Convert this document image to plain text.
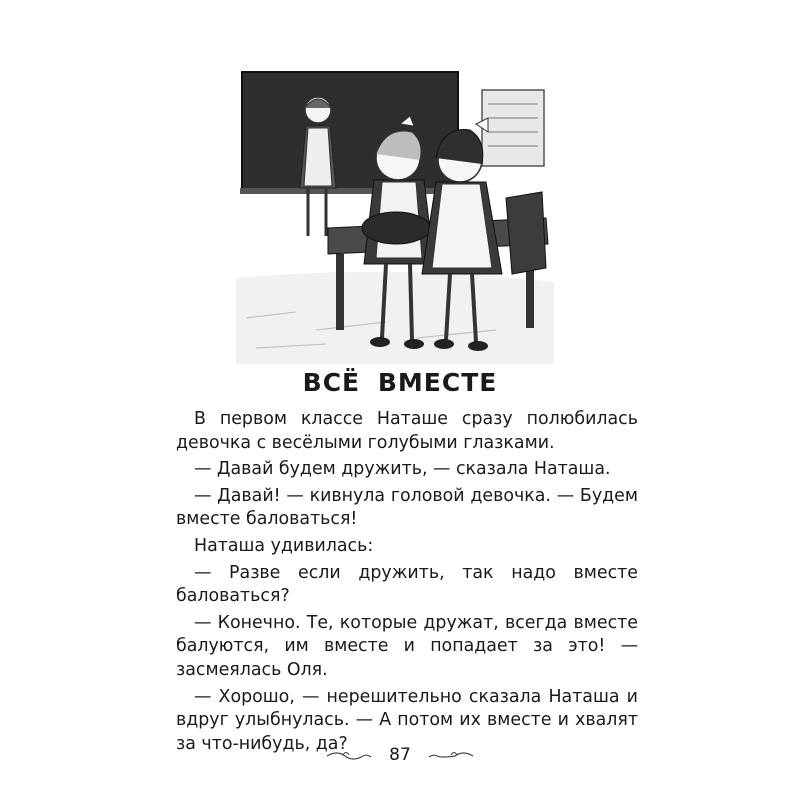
ВСЁ ВМЕСТЕ

В первом классе Наташе сразу полюбилась девочка с весёлыми голубыми глазками.

— Давай будем дружить, — сказала Наташа.

— Давай! — кивнула головой девочка. — Будем вместе баловаться!

Наташа удивилась:

— Разве если дружить, так надо вместе баловаться?

— Конечно. Те, которые дружат, всегда вместе балуются, им вместе и попадает за это! — засмеялась Оля.

— Хорошо, — нерешительно сказала Наташа и вдруг улыбнулась. — А потом их вместе и хвалят за что-нибудь, да?

87
